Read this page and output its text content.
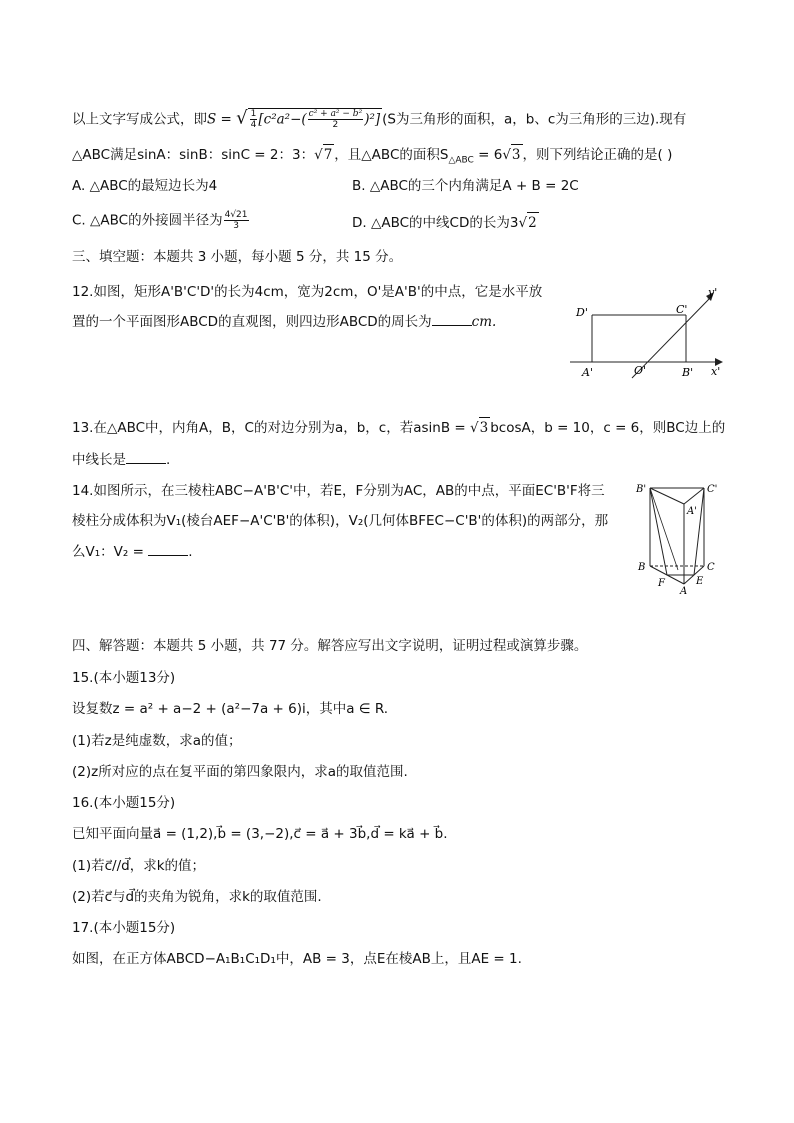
以上文字写成公式，即S = √ $\frac{1}{4} [c^2a^2-( \frac{\text{c² + a² − b²}}{2} )^2]$ (S为三角形的面积，a，b、c为三角形的三边).现有
△ABC满足sinA：sinB：sinC = 2：3：√7 ，且△ABC的面积$S_{\triangle ABC} = 6√3$ ，则下列结论正确的是( )
A. △ABC的最短边长为4	B. △ABC的三个内角满足A + B = 2C
C. △ABC的外接圆半径为 $\frac{4√21}{3}$	D. △ABC的中线CD的长为3√2
三、填空题：本题共 3 小题，每小题 5 分，共 15 分。
12.如图，矩形A'B'C'D'的长为4cm，宽为2cm，O'是A'B'的中点，它是水平放
置的一个平面图形ABCD的直观图，则四边形ABCD的周长为	cm.
D'	C'
y'
A'	O'	B' x'
13.在△ABC中，内角A，B，C的对边分别为a，b，c，若asinB = √3 bcosA，b = 10，c = 6，则BC边上的
中线长是	.
14.如图所示，在三棱柱ABC−A'B'C'中，若E，F分别为AC，AB的中点，平面EC'B'F将三
棱柱分成体积为V₁(棱台AEF−A'C'B'的体积)，V₂(几何体BFEC−C'B'的体积)的两部分，那
么V₁：V₂ =	.
B'	C'
A'
B	C
F	E
A
四、解答题：本题共 5 小题，共 77 分。解答应写出文字说明，证明过程或演算步骤。
15.(本小题13分)
设复数z = a² + a−2 + (a²−7a + 6)i，其中a ∈ R.
(1)若z是纯虚数，求a的值；
(2)z所对应的点在复平面的第四象限内，求a的取值范围.
16.(本小题15分)
已知平面向量a⃗ = (1,2),b⃗ = (3,−2),c⃗ = a⃗ + 3b⃗,d⃗ = ka⃗ + b⃗.
(1)若c⃗//d⃗，求k的值；
(2)若c⃗与d⃗的夹角为锐角，求k的取值范围.
17.(本小题15分)
如图，在正方体ABCD−A₁B₁C₁D₁中，AB = 3，点E在棱AB上，且AE = 1.
